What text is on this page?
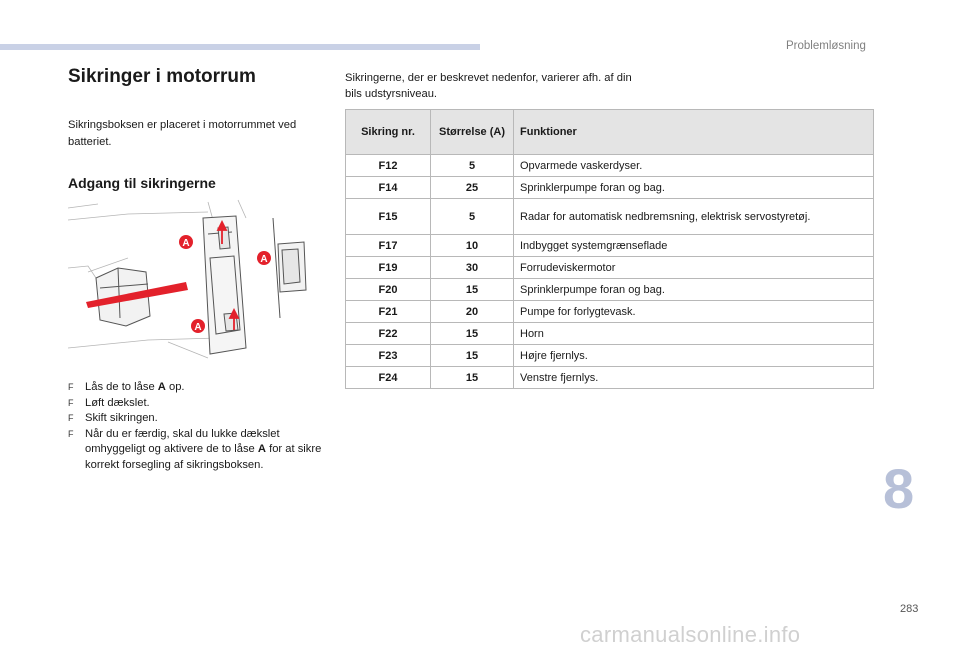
Problemløsning
Sikringer i motorrum
Sikringsboksen er placeret i motorrummet ved batteriet.
Adgang til sikringerne
A
A
A
F Lås de to låse A op.
F Løft dækslet.
F Skift sikringen.
F Når du er færdig, skal du lukke dækslet omhyggeligt og aktivere de to låse A for at sikre korrekt forsegling af sikringsboksen.
Sikringerne, der er beskrevet nedenfor, varierer afh. af din bils udstyrsniveau.
Sikring nr.	Størrelse (A)	Funktioner
F12	5	Opvarmede vaskerdyser.
F14	25	Sprinklerpumpe foran og bag.
F15	5	Radar for automatisk nedbremsning, elektrisk servostyretøj.
F17	10	Indbygget systemgrænseflade
F19	30	Forrudeviskermotor
F20	15	Sprinklerpumpe foran og bag.
F21	20	Pumpe for forlygtevask.
F22	15	Horn
F23	15	Højre fjernlys.
F24	15	Venstre fjernlys.
8
283
carmanualsonline.info
